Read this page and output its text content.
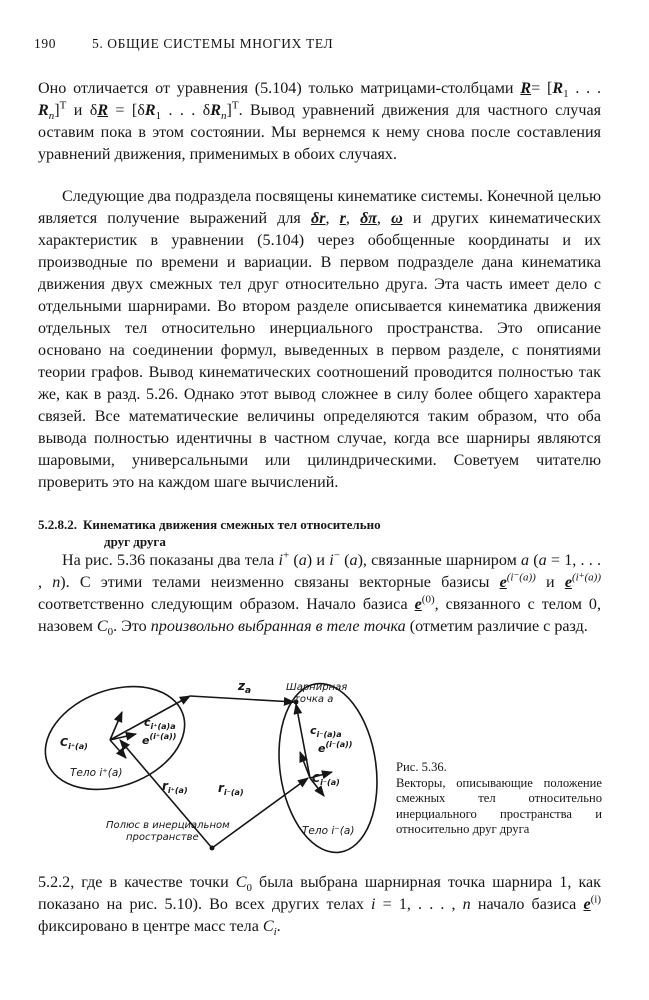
190	5. ОБЩИЕ СИСТЕМЫ МНОГИХ ТЕЛ

Оно отличается от уравнения (5.104) только матрицами-столбцами $R= [R_1$ . . . $R_n]^T$ и $\delta R = [\delta R_1$ . . . $\delta R_n]^T$. Вывод уравнений движения для частного случая оставим пока в этом состоянии. Мы вернемся к нему снова после составления уравнений движения, применимых в обоих случаях.

Следующие два подраздела посвящены кинематике системы. Конечной целью является получение выражений для δr, r, δπ, ω и других кинематических характеристик в уравнении (5.104) через обобщенные координаты и их производные по времени и вариации. В первом подразделе дана кинематика движения двух смежных тел друг относительно друга. Эта часть имеет дело с отдельными шарнирами. Во втором разделе описывается кинематика движения отдельных тел относительно инерциального пространства. Это описание основано на соединении формул, выведенных в первом разделе, с понятиями теории графов. Вывод кинематических соотношений проводится полностью так же, как в разд. 5.26. Однако этот вывод сложнее в силу более общего характера связей. Все математические величины определяются таким образом, что оба вывода полностью идентичны в частном случае, когда все шарниры являются шаровыми, универсальными или цилиндрическими. Советуем читателю проверить это на каждом шаге вычислений.

5.2.8.2. Кинематика движения смежных тел относительно
друг друга

На рис. 5.36 показаны два тела i+ (a) и i− (a), связанные шарниром a (a = 1, . . . , n). С этими телами неизменно связаны векторные базисы $e^{(i^-(a))}$ и $e^{(i^+(a))}$ соответственно следующим образом. Начало базиса $e^{(0)}$, связанного с телом 0, назовем $C_0$. Это произвольно выбранная в теле точка (отметим различие с разд.

$z_a$	Шарнирная
точка a
$C_{i^+(a)}$
$c_{i^+(a)a}$
$e^{(i^+(a))}$
Тело i⁺(a)
$r_{i^+(a)}$	$r_{i^-(a)}$
$c_{i^-(a)a}$
$e^{(i^-(a))}$
$C_{i^-(a)}$
Полюс в инерциальном
пространстве
Тело i⁻(a)
Рис. 5.36.
Векторы, описывающие положение смежных тел относительно инерциального пространства и относительно друг друга

5.2.2, где в качестве точки $C_0$ была выбрана шарнирная точка шарнира 1, как показано на рис. 5.10). Во всех других телах i = 1, . . . , n начало базиса $e^{(i)}$ фиксировано в центре масс тела $C_i$.
